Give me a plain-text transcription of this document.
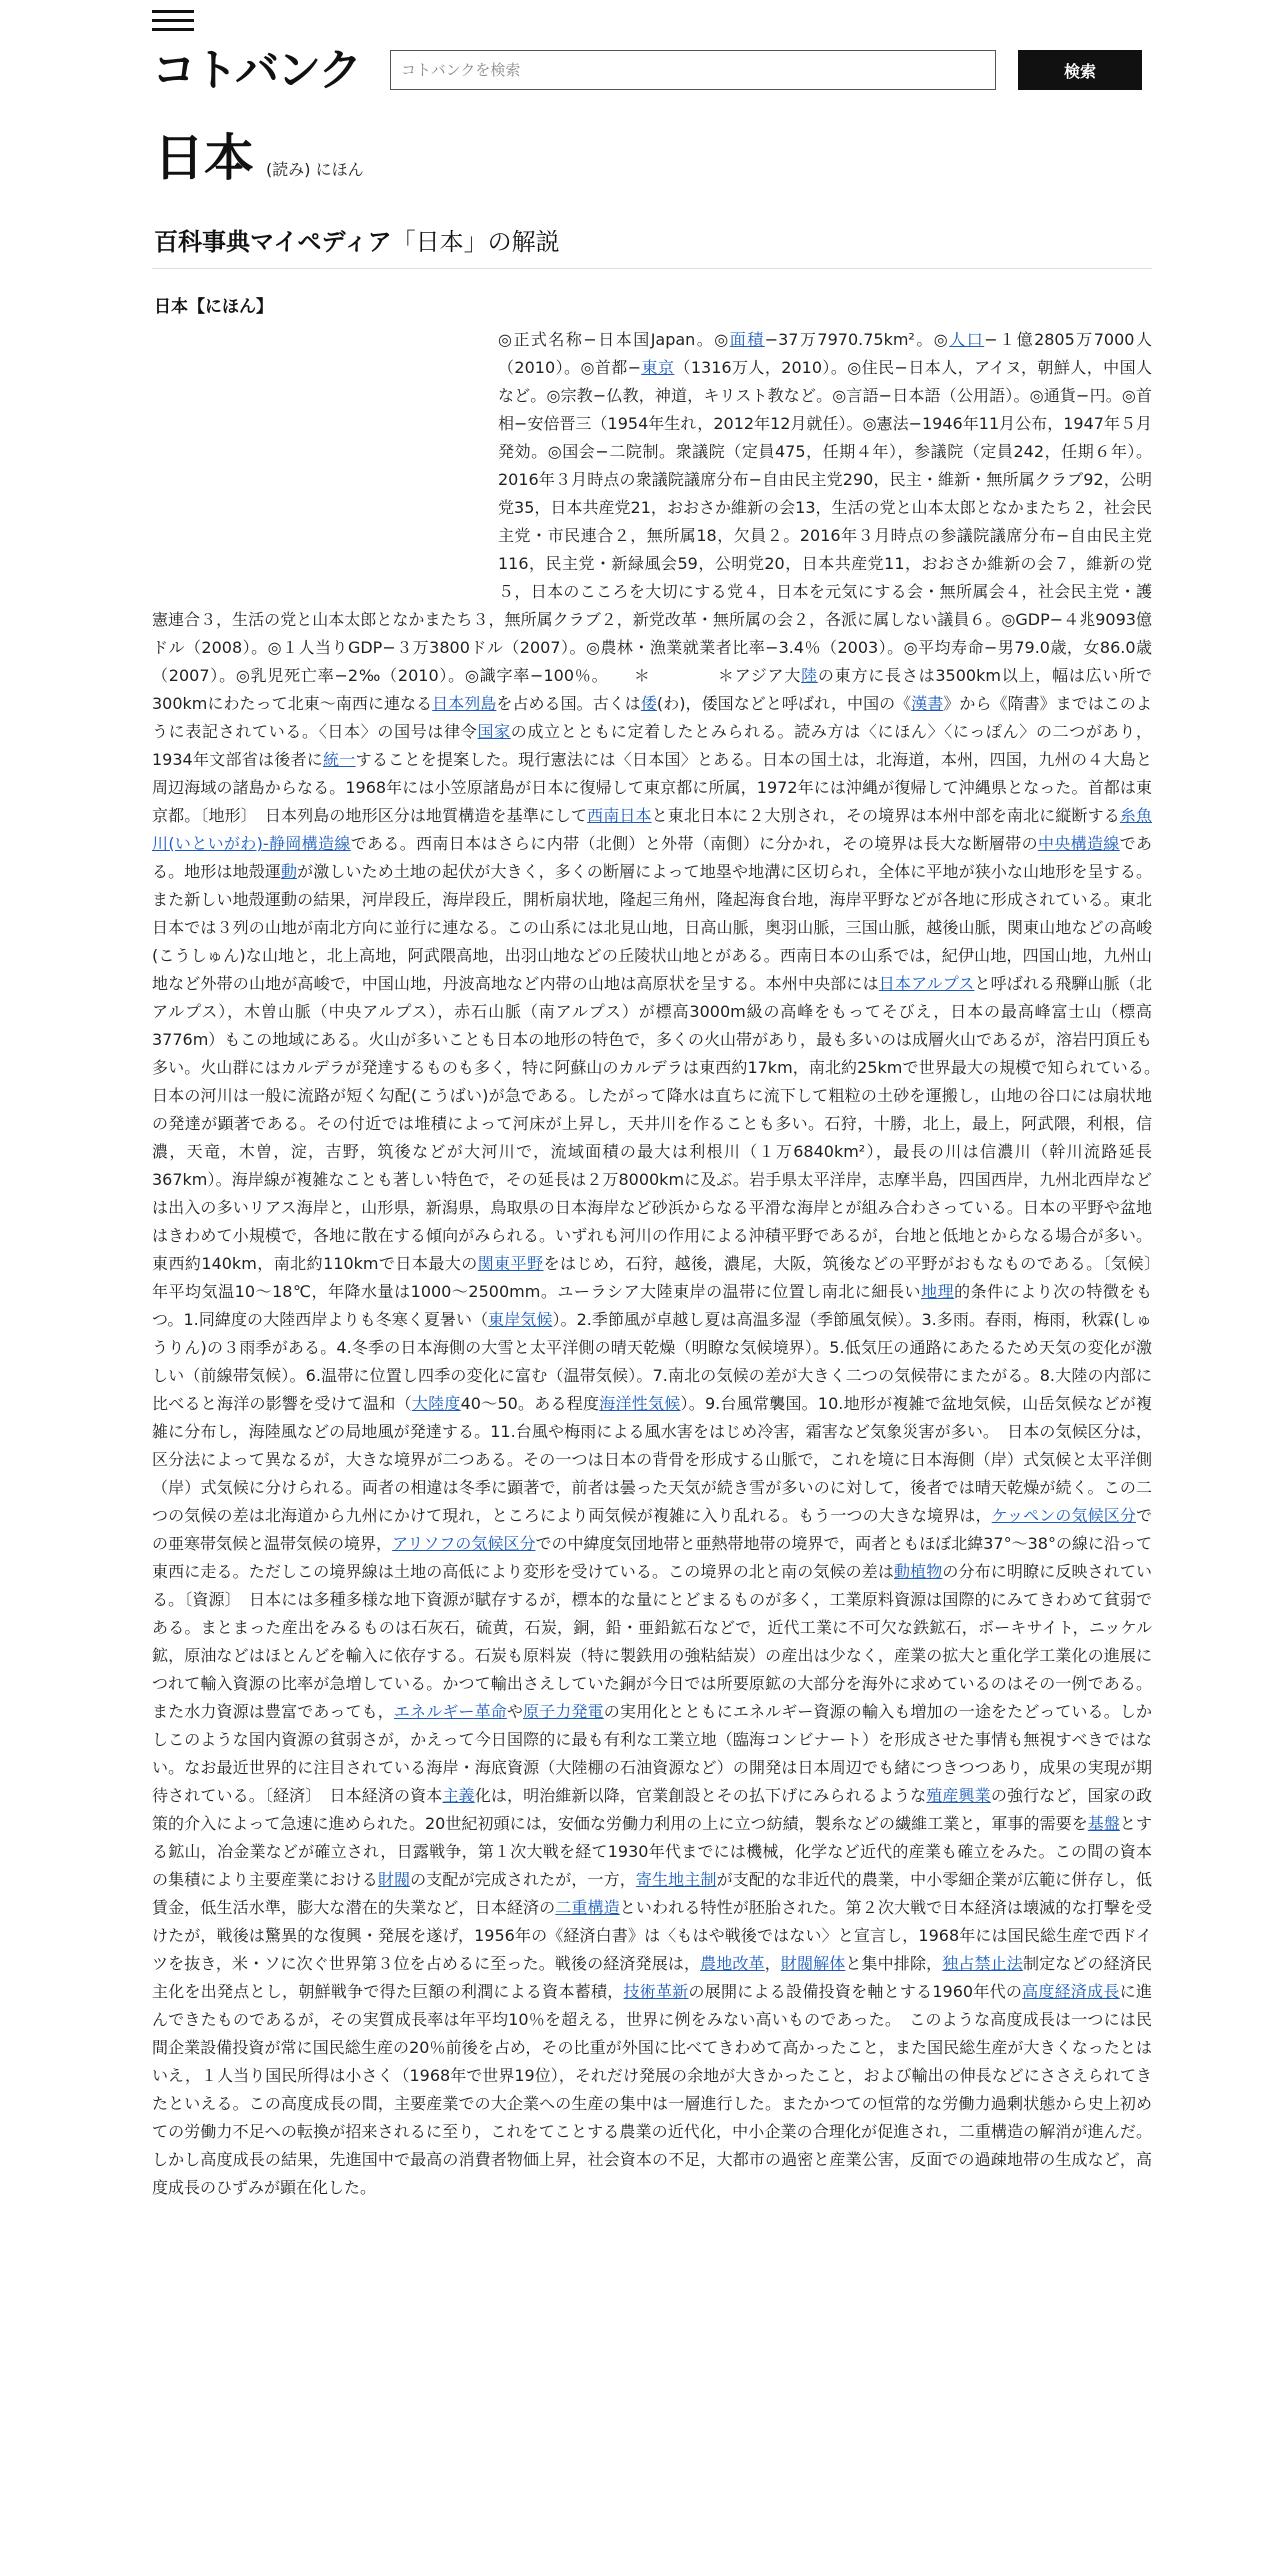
コトバンク
コトバンクを検索	検索
日本 (読み) にほん
百科事典マイペディア「日本」の解説
日本【にほん】
◎正式名称−日本国Japan。◎面積−37万7970.75km²。◎人口−１億2805万7000人（2010）。◎首都−東京（1316万人，2010）。◎住民−日本人，アイヌ，朝鮮人，中国人など。◎宗教−仏教，神道，キリスト教など。◎言語−日本語（公用語）。◎通貨−円。◎首相−安倍晋三（1954年生れ，2012年12月就任）。◎憲法−1946年11月公布，1947年５月発効。◎国会−二院制。衆議院（定員475，任期４年），参議院（定員242，任期６年）。2016年３月時点の衆議院議席分布−自由民主党290，民主・維新・無所属クラブ92，公明党35，日本共産党21，おおさか維新の会13，生活の党と山本太郎となかまたち２，社会民主党・市民連合２，無所属18，欠員２。2016年３月時点の参議院議席分布−自由民主党116，民主党・新緑風会59，公明党20，日本共産党11，おおさか維新の会７，維新の党５，日本のこころを大切にする党４，日本を元気にする会・無所属会４，社会民主党・護憲連合３，生活の党と山本太郎となかまたち３，無所属クラブ２，新党改革・無所属の会２，各派に属しない議員６。◎GDP−４兆9093億ドル（2008）。◎１人当りGDP−３万3800ドル（2007）。◎農林・漁業就業者比率−3.4％（2003）。◎平均寿命−男79.0歳，女86.0歳（2007）。◎乳児死亡率−2‰（2010）。◎識字率−100％。　　＊　　　　＊アジア大陸の東方に長さは3500km以上，幅は広い所で300kmにわたって北東〜南西に連なる日本列島を占める国。古くは倭(わ)，倭国などと呼ばれ，中国の《漢書》から《隋書》まではこのように表記されている。〈日本〉の国号は律令国家の成立とともに定着したとみられる。読み方は〈にほん〉〈にっぽん〉の二つがあり，1934年文部省は後者に統一することを提案した。現行憲法には〈日本国〉とある。日本の国土は，北海道，本州，四国，九州の４大島と周辺海域の諸島からなる。1968年には小笠原諸島が日本に復帰して東京都に所属，1972年には沖縄が復帰して沖縄県となった。首都は東京都。〔地形〕　日本列島の地形区分は地質構造を基準にして西南日本と東北日本に２大別され，その境界は本州中部を南北に縦断する糸魚川(いといがわ)-静岡構造線である。西南日本はさらに内帯（北側）と外帯（南側）に分かれ，その境界は長大な断層帯の中央構造線である。地形は地殻運動が激しいため土地の起伏が大きく，多くの断層によって地塁や地溝に区切られ，全体に平地が狭小な山地形を呈する。また新しい地殻運動の結果，河岸段丘，海岸段丘，開析扇状地，隆起三角州，隆起海食台地，海岸平野などが各地に形成されている。東北日本では３列の山地が南北方向に並行に連なる。この山系には北見山地，日高山脈，奥羽山脈，三国山脈，越後山脈，関東山地などの高峻(こうしゅん)な山地と，北上高地，阿武隈高地，出羽山地などの丘陵状山地とがある。西南日本の山系では，紀伊山地，四国山地，九州山地など外帯の山地が高峻で，中国山地，丹波高地など内帯の山地は高原状を呈する。本州中央部には日本アルプスと呼ばれる飛騨山脈（北アルプス），木曽山脈（中央アルプス），赤石山脈（南アルプス）が標高3000m級の高峰をもってそびえ，日本の最高峰富士山（標高3776m）もこの地域にある。火山が多いことも日本の地形の特色で，多くの火山帯があり，最も多いのは成層火山であるが，溶岩円頂丘も多い。火山群にはカルデラが発達するものも多く，特に阿蘇山のカルデラは東西約17km，南北約25kmで世界最大の規模で知られている。　日本の河川は一般に流路が短く勾配(こうばい)が急である。したがって降水は直ちに流下して粗粒の土砂を運搬し，山地の谷口には扇状地の発達が顕著である。その付近では堆積によって河床が上昇し，天井川を作ることも多い。石狩，十勝，北上，最上，阿武隈，利根，信濃，天竜，木曽，淀，吉野，筑後などが大河川で，流域面積の最大は利根川（１万6840km²），最長の川は信濃川（幹川流路延長367km）。海岸線が複雑なことも著しい特色で，その延長は２万8000kmに及ぶ。岩手県太平洋岸，志摩半島，四国西岸，九州北西岸などは出入の多いリアス海岸と，山形県，新潟県，鳥取県の日本海岸など砂浜からなる平滑な海岸とが組み合わさっている。日本の平野や盆地はきわめて小規模で，各地に散在する傾向がみられる。いずれも河川の作用による沖積平野であるが，台地と低地とからなる場合が多い。東西約140km，南北約110kmで日本最大の関東平野をはじめ，石狩，越後，濃尾，大阪，筑後などの平野がおもなものである。〔気候〕　年平均気温10〜18℃，年降水量は1000〜2500mm。ユーラシア大陸東岸の温帯に位置し南北に細長い地理的条件により次の特徴をもつ。1.同緯度の大陸西岸よりも冬寒く夏暑い（東岸気候）。2.季節風が卓越し夏は高温多湿（季節風気候）。3.多雨。春雨，梅雨，秋霖(しゅうりん)の３雨季がある。4.冬季の日本海側の大雪と太平洋側の晴天乾燥（明瞭な気候境界）。5.低気圧の通路にあたるため天気の変化が激しい（前線帯気候）。6.温帯に位置し四季の変化に富む（温帯気候）。7.南北の気候の差が大きく二つの気候帯にまたがる。8.大陸の内部に比べると海洋の影響を受けて温和（大陸度40〜50。ある程度海洋性気候）。9.台風常襲国。10.地形が複雑で盆地気候，山岳気候などが複雑に分布し，海陸風などの局地風が発達する。11.台風や梅雨による風水害をはじめ冷害，霜害など気象災害が多い。　日本の気候区分は，区分法によって異なるが，大きな境界が二つある。その一つは日本の背骨を形成する山脈で，これを境に日本海側（岸）式気候と太平洋側（岸）式気候に分けられる。両者の相違は冬季に顕著で，前者は曇った天気が続き雪が多いのに対して，後者では晴天乾燥が続く。この二つの気候の差は北海道から九州にかけて現れ，ところにより両気候が複雑に入り乱れる。もう一つの大きな境界は，ケッペンの気候区分での亜寒帯気候と温帯気候の境界，アリソフの気候区分での中緯度気団地帯と亜熱帯地帯の境界で，両者ともほぼ北緯37°〜38°の線に沿って東西に走る。ただしこの境界線は土地の高低により変形を受けている。この境界の北と南の気候の差は動植物の分布に明瞭に反映されている。〔資源〕　日本には多種多様な地下資源が賦存するが，標本的な量にとどまるものが多く，工業原料資源は国際的にみてきわめて貧弱である。まとまった産出をみるものは石灰石，硫黄，石炭，銅，鉛・亜鉛鉱石などで，近代工業に不可欠な鉄鉱石，ボーキサイト，ニッケル鉱，原油などはほとんどを輸入に依存する。石炭も原料炭（特に製鉄用の強粘結炭）の産出は少なく，産業の拡大と重化学工業化の進展につれて輸入資源の比率が急増している。かつて輸出さえしていた銅が今日では所要原鉱の大部分を海外に求めているのはその一例である。また水力資源は豊富であっても，エネルギー革命や原子力発電の実用化とともにエネルギー資源の輸入も増加の一途をたどっている。しかしこのような国内資源の貧弱さが，かえって今日国際的に最も有利な工業立地（臨海コンビナート）を形成させた事情も無視すべきではない。なお最近世界的に注目されている海岸・海底資源（大陸棚の石油資源など）の開発は日本周辺でも緒につきつつあり，成果の実現が期待されている。〔経済〕　日本経済の資本主義化は，明治維新以降，官業創設とその払下げにみられるような殖産興業の強行など，国家の政策的介入によって急速に進められた。20世紀初頭には，安価な労働力利用の上に立つ紡績，製糸などの繊維工業と，軍事的需要を基盤とする鉱山，冶金業などが確立され，日露戦争，第１次大戦を経て1930年代までには機械，化学など近代的産業も確立をみた。この間の資本の集積により主要産業における財閥の支配が完成されたが，一方，寄生地主制が支配的な非近代的農業，中小零細企業が広範に併存し，低賃金，低生活水準，膨大な潜在的失業など，日本経済の二重構造といわれる特性が胚胎された。第２次大戦で日本経済は壊滅的な打撃を受けたが，戦後は驚異的な復興・発展を遂げ，1956年の《経済白書》は〈もはや戦後ではない〉と宣言し，1968年には国民総生産で西ドイツを抜き，米・ソに次ぐ世界第３位を占めるに至った。戦後の経済発展は，農地改革，財閥解体と集中排除，独占禁止法制定などの経済民主化を出発点とし，朝鮮戦争で得た巨額の利潤による資本蓄積，技術革新の展開による設備投資を軸とする1960年代の高度経済成長に進んできたものであるが，その実質成長率は年平均10％を超える，世界に例をみない高いものであった。　このような高度成長は一つには民間企業設備投資が常に国民総生産の20％前後を占め，その比重が外国に比べてきわめて高かったこと，また国民総生産が大きくなったとはいえ，１人当り国民所得は小さく（1968年で世界19位），それだけ発展の余地が大きかったこと，および輸出の伸長などにささえられてきたといえる。この高度成長の間，主要産業での大企業への生産の集中は一層進行した。またかつての恒常的な労働力過剰状態から史上初めての労働力不足への転換が招来されるに至り，これをてことする農業の近代化，中小企業の合理化が促進され，二重構造の解消が進んだ。しかし高度成長の結果，先進国中で最高の消費者物価上昇，社会資本の不足，大都市の過密と産業公害，反面での過疎地帯の生成など，高度成長のひずみが顕在化した。
